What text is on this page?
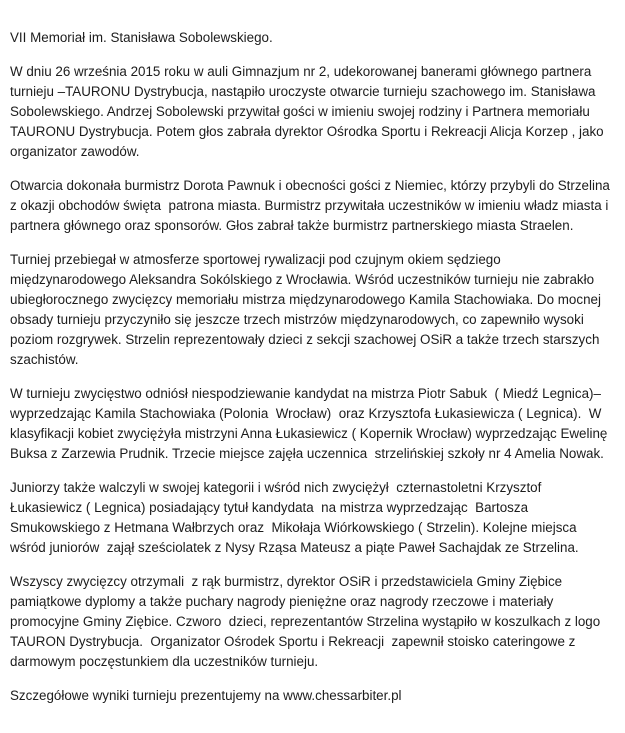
VII Memoriał im. Stanisława Sobolewskiego.

W dniu 26 września 2015 roku w auli Gimnazjum nr 2, udekorowanej banerami głównego partnera turnieju –TAURONU Dystrybucja, nastąpiło uroczyste otwarcie turnieju szachowego im. Stanisława Sobolewskiego. Andrzej Sobolewski przywitał gości w imieniu swojej rodziny i Partnera memoriału TAURONU Dystrybucja. Potem głos zabrała dyrektor Ośrodka Sportu i Rekreacji Alicja Korzep , jako organizator zawodów.

Otwarcia dokonała burmistrz Dorota Pawnuk i obecności gości z Niemiec, którzy przybyli do Strzelina z okazji obchodów święta  patrona miasta. Burmistrz przywitała uczestników w imieniu władz miasta i partnera głównego oraz sponsorów. Głos zabrał także burmistrz partnerskiego miasta Straelen.

Turniej przebiegał w atmosferze sportowej rywalizacji pod czujnym okiem sędziego międzynarodowego Aleksandra Sokólskiego z Wrocławia. Wśród uczestników turnieju nie zabrakło ubiegłorocznego zwycięzcy memoriału mistrza międzynarodowego Kamila Stachowiaka. Do mocnej obsady turnieju przyczyniło się jeszcze trzech mistrzów międzynarodowych, co zapewniło wysoki poziom rozgrywek. Strzelin reprezentowały dzieci z sekcji szachowej OSiR a także trzech starszych szachistów.

W turnieju zwycięstwo odniósł niespodziewanie kandydat na mistrza Piotr Sabuk  ( Miedź Legnica)– wyprzedzając Kamila Stachowiaka (Polonia  Wrocław)  oraz Krzysztofa Łukasiewicza ( Legnica).  W klasyfikacji kobiet zwyciężyła mistrzyni Anna Łukasiewicz ( Kopernik Wrocław) wyprzedzając Ewelinę Buksa z Zarzewia Prudnik. Trzecie miejsce zajęła uczennica  strzelińskiej szkoły nr 4 Amelia Nowak.

Juniorzy także walczyli w swojej kategorii i wśród nich zwyciężył  czternastoletni Krzysztof Łukasiewicz ( Legnica) posiadający tytuł kandydata  na mistrza wyprzedzając  Bartosza Smukowskiego z Hetmana Wałbrzych oraz  Mikołaja Wiórkowskiego ( Strzelin). Kolejne miejsca wśród juniorów  zajął sześciolatek z Nysy Rząsa Mateusz a piąte Paweł Sachajdak ze Strzelina.

Wszyscy zwycięzcy otrzymali  z rąk burmistrz, dyrektor OSiR i przedstawiciela Gminy Ziębice pamiątkowe dyplomy a także puchary nagrody pieniężne oraz nagrody rzeczowe i materiały promocyjne Gminy Ziębice. Czworo  dzieci, reprezentantów Strzelina wystąpiło w koszulkach z logo TAURON Dystrybucja.  Organizator Ośrodek Sportu i Rekreacji  zapewnił stoisko cateringowe z darmowym poczęstunkiem dla uczestników turnieju.

Szczegółowe wyniki turnieju prezentujemy na www.chessarbiter.pl
